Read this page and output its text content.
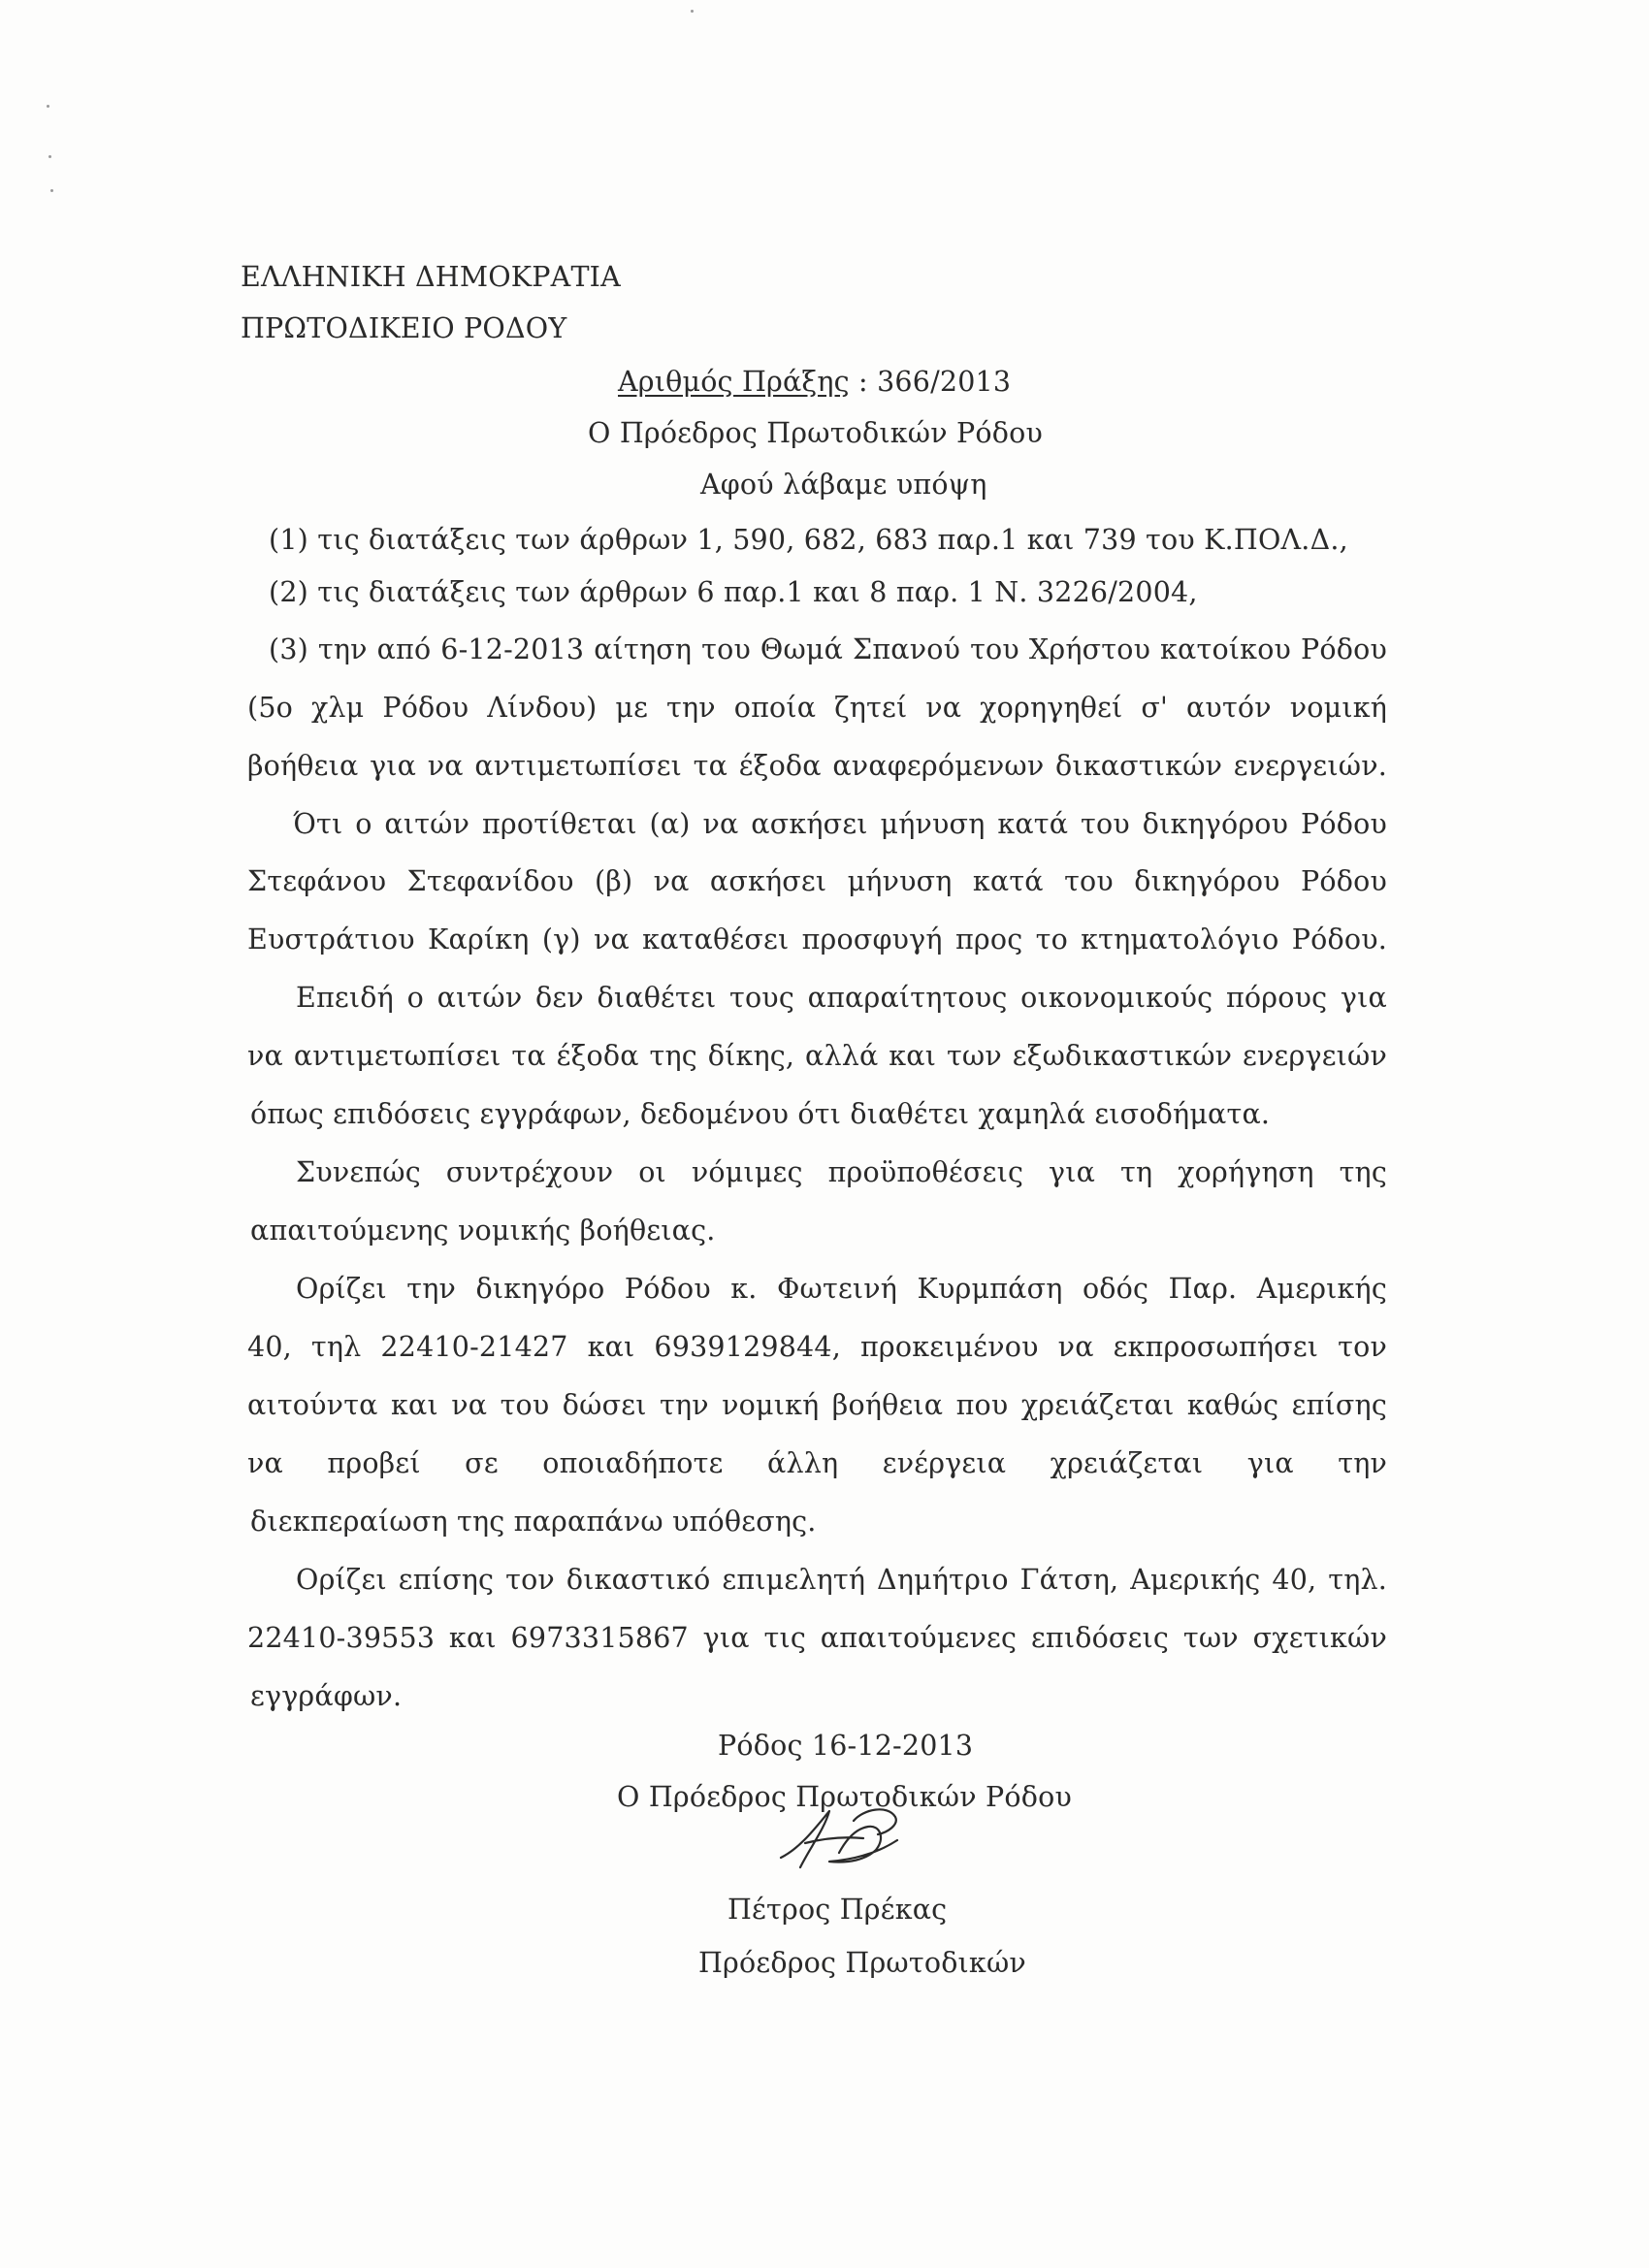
ΕΛΛΗΝΙΚΗ ΔΗΜΟΚΡΑΤΙΑ
ΠΡΩΤΟΔΙΚΕΙΟ ΡΟΔΟΥ
Αριθμός Πράξης : 366/2013
Ο Πρόεδρος Πρωτοδικών Ρόδου
Αφού λάβαμε υπόψη
(1) τις διατάξεις των άρθρων 1, 590, 682, 683 παρ.1 και 739 του Κ.ΠΟΛ.Δ.,
(2) τις διατάξεις των άρθρων 6 παρ.1 και 8 παρ. 1 Ν. 3226/2004,
(3) την από 6-12-2013 αίτηση του Θωμά Σπανού του Χρήστου κατοίκου Ρόδου
(5ο χλμ Ρόδου Λίνδου) με την οποία ζητεί να χορηγηθεί σ' αυτόν νομική
βοήθεια για να αντιμετωπίσει τα έξοδα αναφερόμενων δικαστικών ενεργειών.
Ότι ο αιτών προτίθεται (α) να ασκήσει μήνυση κατά του δικηγόρου Ρόδου
Στεφάνου Στεφανίδου (β) να ασκήσει μήνυση κατά του δικηγόρου Ρόδου
Ευστράτιου Καρίκη (γ) να καταθέσει προσφυγή προς το κτηματολόγιο Ρόδου.
Επειδή ο αιτών δεν διαθέτει τους απαραίτητους οικονομικούς πόρους για
να αντιμετωπίσει τα έξοδα της δίκης, αλλά και των εξωδικαστικών ενεργειών
όπως επιδόσεις εγγράφων, δεδομένου ότι διαθέτει χαμηλά εισοδήματα.
Συνεπώς συντρέχουν οι νόμιμες προϋποθέσεις για τη χορήγηση της
απαιτούμενης νομικής βοήθειας.
Ορίζει την δικηγόρο Ρόδου κ. Φωτεινή Κυρμπάση οδός Παρ. Αμερικής
40, τηλ 22410-21427 και 6939129844, προκειμένου να εκπροσωπήσει τον
αιτούντα και να του δώσει την νομική βοήθεια που χρειάζεται καθώς επίσης
να προβεί σε οποιαδήποτε άλλη ενέργεια χρειάζεται για την
διεκπεραίωση της παραπάνω υπόθεσης.
Ορίζει επίσης τον δικαστικό επιμελητή Δημήτριο Γάτση, Αμερικής 40, τηλ.
22410-39553 και 6973315867 για τις απαιτούμενες επιδόσεις των σχετικών
εγγράφων.
Ρόδος 16-12-2013
Ο Πρόεδρος Πρωτοδικών Ρόδου
Πέτρος Πρέκας
Πρόεδρος Πρωτοδικών
